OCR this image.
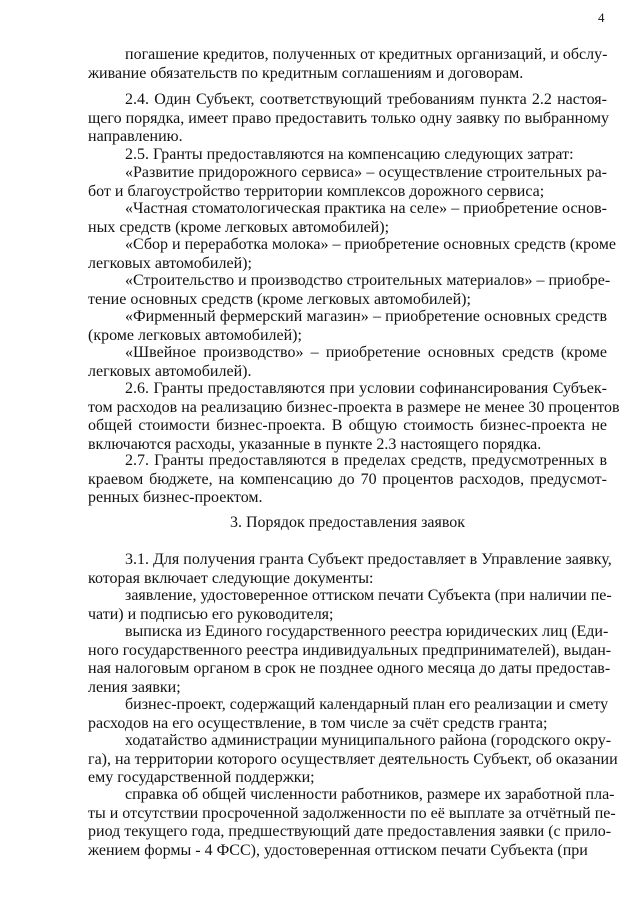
4
погашение кредитов, полученных от кредитных организаций, и обслу-
живание обязательств по кредитным соглашениям и договорам.
2.4. Один Субъект, соответствующий требованиям пункта 2.2 настоя-
щего порядка, имеет право предоставить только одну заявку по выбранному
направлению.
2.5. Гранты предоставляются на компенсацию следующих затрат:
«Развитие придорожного сервиса» – осуществление строительных ра-
бот и благоустройство территории комплексов дорожного сервиса;
«Частная стоматологическая практика на селе» – приобретение основ-
ных средств (кроме легковых автомобилей);
«Сбор и переработка молока» – приобретение основных средств (кроме
легковых автомобилей);
«Строительство и производство строительных материалов» – приобре-
тение основных средств (кроме легковых автомобилей);
«Фирменный фермерский магазин» – приобретение основных средств
(кроме легковых автомобилей);
«Швейное производство» – приобретение основных средств (кроме
легковых автомобилей).
2.6. Гранты предоставляются при условии софинансирования Субъек-
том расходов на реализацию бизнес-проекта в размере не менее 30 процентов
общей стоимости бизнес-проекта. В общую стоимость бизнес-проекта не
включаются расходы, указанные в пункте 2.3 настоящего порядка.
2.7. Гранты предоставляются в пределах средств, предусмотренных в
краевом бюджете, на компенсацию до 70 процентов расходов, предусмот-
ренных бизнес-проектом.
3. Порядок предоставления заявок
3.1. Для получения гранта Субъект предоставляет в Управление заявку,
которая включает следующие документы:
заявление, удостоверенное оттиском печати Субъекта (при наличии пе-
чати) и подписью его руководителя;
выписка из Единого государственного реестра юридических лиц (Еди-
ного государственного реестра индивидуальных предпринимателей), выдан-
ная налоговым органом в срок не позднее одного месяца до даты предостав-
ления заявки;
бизнес-проект, содержащий календарный план его реализации и смету
расходов на его осуществление, в том числе за счёт средств гранта;
ходатайство администрации муниципального района (городского окру-
га), на территории которого осуществляет деятельность Субъект, об оказании
ему государственной поддержки;
справка об общей численности работников, размере их заработной пла-
ты и отсутствии просроченной задолженности по её выплате за отчётный пе-
риод текущего года, предшествующий дате предоставления заявки (с прило-
жением формы - 4 ФСС), удостоверенная оттиском печати Субъекта (при
